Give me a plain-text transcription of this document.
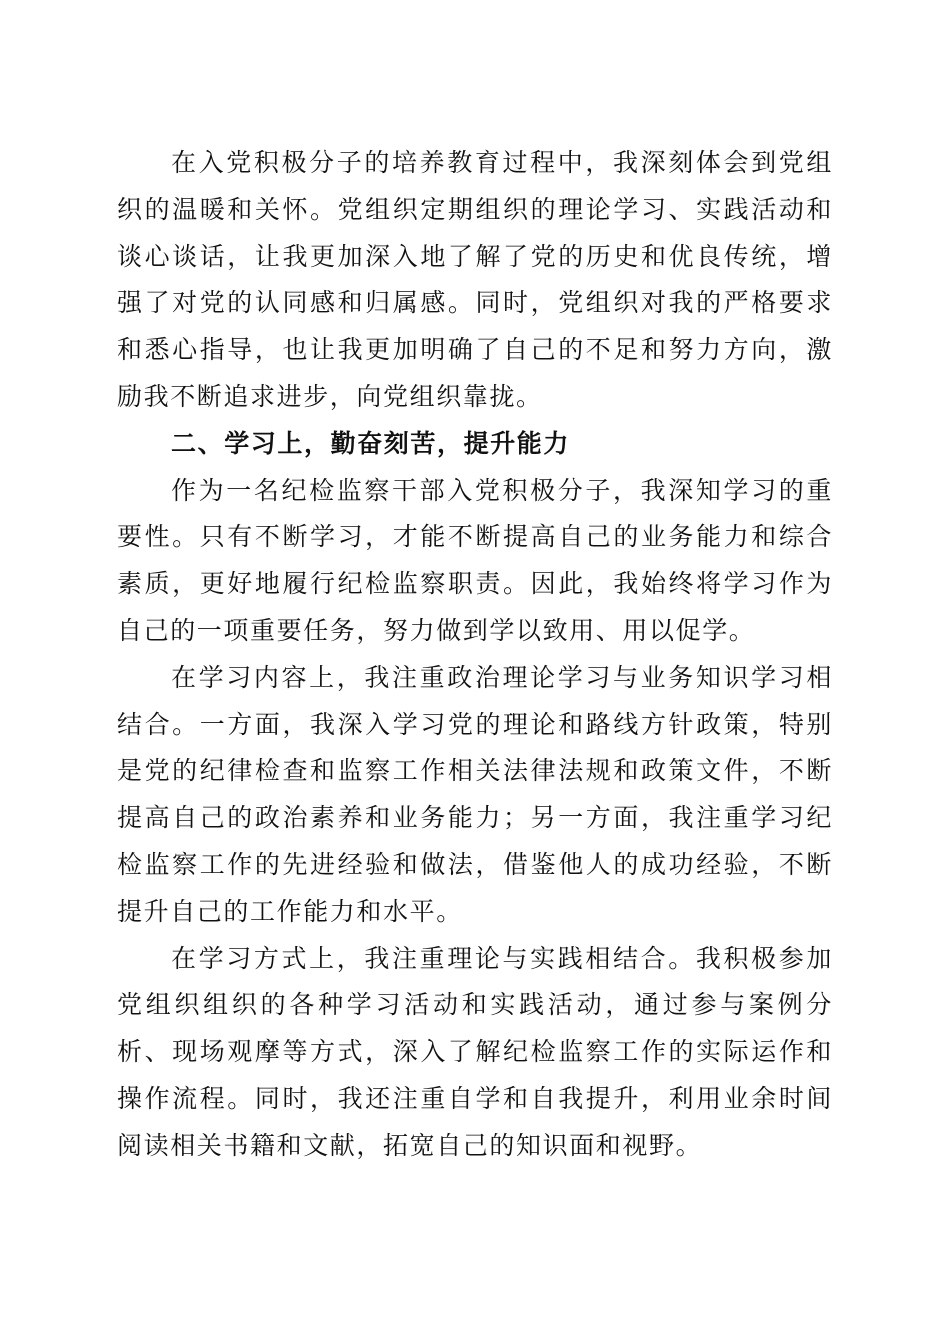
在入党积极分子的培养教育过程中，我深刻体会到党组织的温暖和关怀。党组织定期组织的理论学习、实践活动和谈心谈话，让我更加深入地了解了党的历史和优良传统，增强了对党的认同感和归属感。同时，党组织对我的严格要求和悉心指导，也让我更加明确了自己的不足和努力方向，激励我不断追求进步，向党组织靠拢。

二、学习上，勤奋刻苦，提升能力

作为一名纪检监察干部入党积极分子，我深知学习的重要性。只有不断学习，才能不断提高自己的业务能力和综合素质，更好地履行纪检监察职责。因此，我始终将学习作为自己的一项重要任务，努力做到学以致用、用以促学。

在学习内容上，我注重政治理论学习与业务知识学习相结合。一方面，我深入学习党的理论和路线方针政策，特别是党的纪律检查和监察工作相关法律法规和政策文件，不断提高自己的政治素养和业务能力；另一方面，我注重学习纪检监察工作的先进经验和做法，借鉴他人的成功经验，不断提升自己的工作能力和水平。

在学习方式上，我注重理论与实践相结合。我积极参加党组织组织的各种学习活动和实践活动，通过参与案例分析、现场观摩等方式，深入了解纪检监察工作的实际运作和操作流程。同时，我还注重自学和自我提升，利用业余时间阅读相关书籍和文献，拓宽自己的知识面和视野。
